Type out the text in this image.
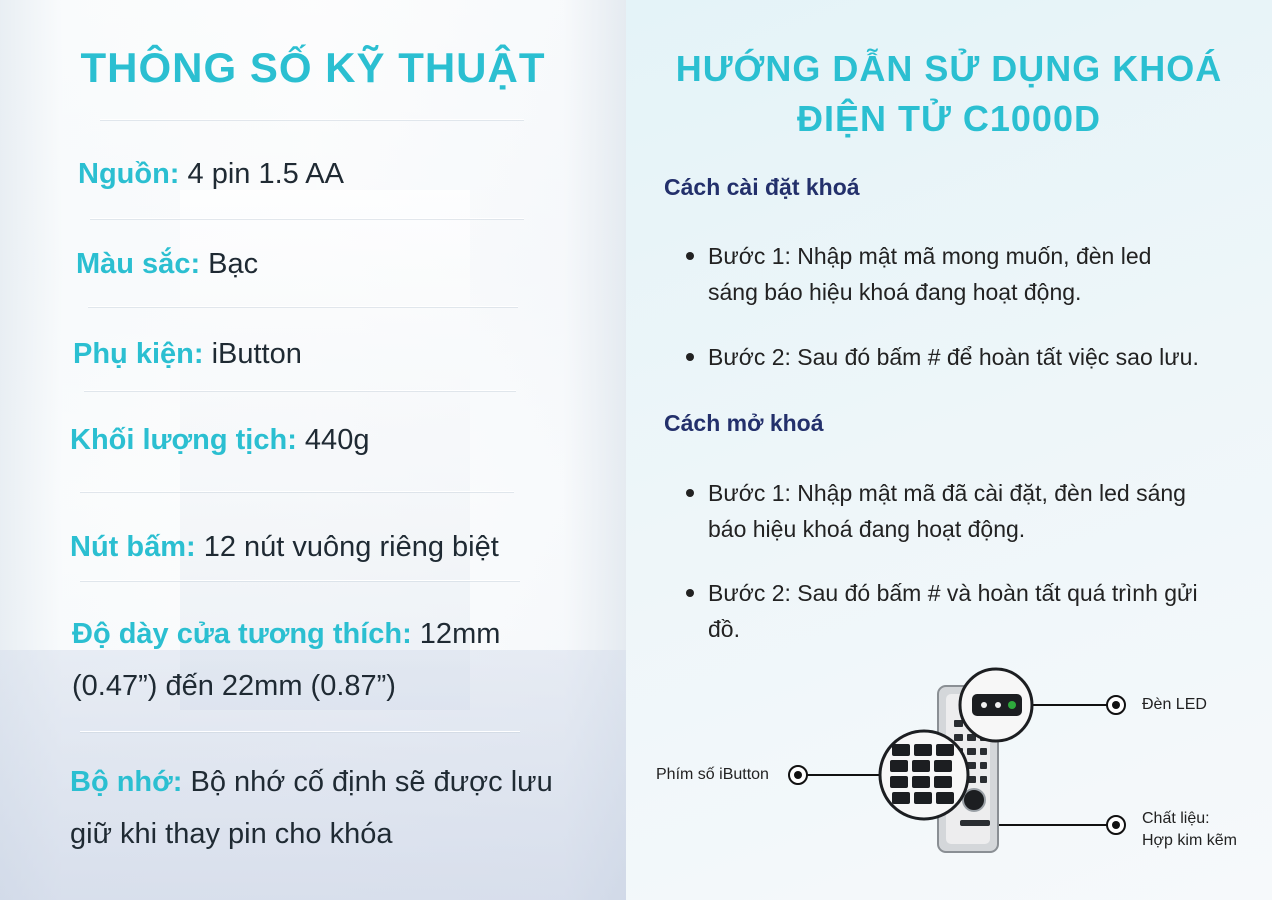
THÔNG SỐ KỸ THUẬT
Nguồn: 4 pin 1.5 AA
Màu sắc: Bạc
Phụ kiện: iButton
Khối lượng tịch: 440g
Nút bấm: 12 nút vuông riêng biệt
Độ dày cửa tương thích: 12mm
(0.47”) đến 22mm (0.87”)
Bộ nhớ: Bộ nhớ cố định sẽ được lưu
giữ khi thay pin cho khóa
HƯỚNG DẪN SỬ DỤNG KHOÁ
ĐIỆN TỬ C1000D
Cách cài đặt khoá
Bước 1: Nhập mật mã mong muốn, đèn led
sáng báo hiệu khoá đang hoạt động.
Bước 2: Sau đó bấm # để hoàn tất việc sao lưu.
Cách mở khoá
Bước 1: Nhập mật mã đã cài đặt, đèn led sáng
báo hiệu khoá đang hoạt động.
Bước 2: Sau đó bấm # và hoàn tất quá trình gửi
đồ.
Đèn LED
Phím số iButton
Chất liệu:
Hợp kim kẽm
